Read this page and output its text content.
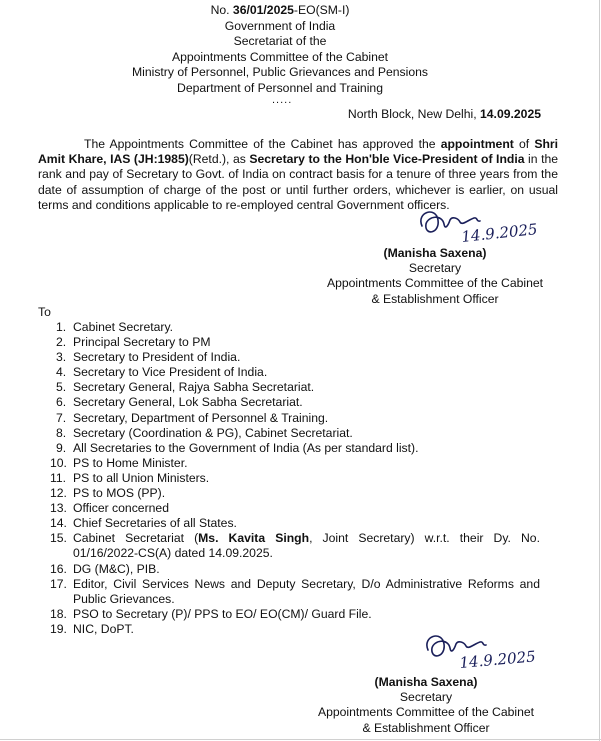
No. 36/01/2025-EO(SM-I)
Government of India
Secretariat of the
Appointments Committee of the Cabinet
Ministry of Personnel, Public Grievances and Pensions
Department of Personnel and Training
.....
North Block, New Delhi, 14.09.2025
The Appointments Committee of the Cabinet has approved the appointment of Shri Amit Khare, IAS (JH:1985)(Retd.), as Secretary to the Hon'ble Vice-President of India in the rank and pay of Secretary to Govt. of India on contract basis for a tenure of three years from the date of assumption of charge of the post or until further orders, whichever is earlier, on usual terms and conditions applicable to re-employed central Government officers.
14.9.2025
(Manisha Saxena)
Secretary
Appointments Committee of the Cabinet
& Establishment Officer
To
1. Cabinet Secretary.
2. Principal Secretary to PM
3. Secretary to President of India.
4. Secretary to Vice President of India.
5. Secretary General, Rajya Sabha Secretariat.
6. Secretary General, Lok Sabha Secretariat.
7. Secretary, Department of Personnel & Training.
8. Secretary (Coordination & PG), Cabinet Secretariat.
9. All Secretaries to the Government of India (As per standard list).
10. PS to Home Minister.
11. PS to all Union Ministers.
12. PS to MOS (PP).
13. Officer concerned
14. Chief Secretaries of all States.
15. Cabinet Secretariat (Ms. Kavita Singh, Joint Secretary) w.r.t. their Dy. No. 01/16/2022-CS(A) dated 14.09.2025.
16. DG (M&C), PIB.
17. Editor, Civil Services News and Deputy Secretary, D/o Administrative Reforms and Public Grievances.
18. PSO to Secretary (P)/ PPS to EO/ EO(CM)/ Guard File.
19. NIC, DoPT.
14.9.2025
(Manisha Saxena)
Secretary
Appointments Committee of the Cabinet
& Establishment Officer
